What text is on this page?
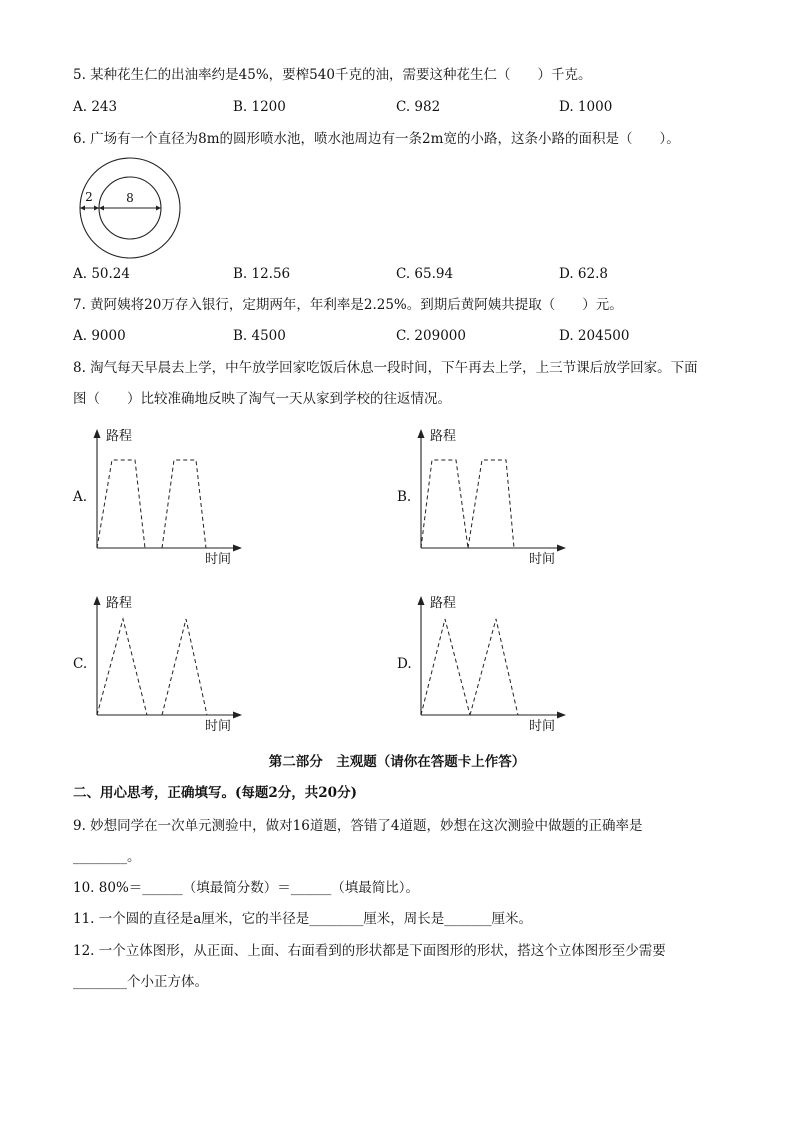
5. 某种花生仁的出油率约是45%，要榨540千克的油，需要这种花生仁（　　）千克。
A. 243	B. 1200	C. 982	D. 1000
6. 广场有一个直径为8m的圆形喷水池，喷水池周边有一条2m宽的小路，这条小路的面积是（　　）。
2	8
A. 50.24	B. 12.56	C. 65.94	D. 62.8
7. 黄阿姨将20万存入银行，定期两年，年利率是2.25%。到期后黄阿姨共提取（　　）元。
A. 9000	B. 4500	C. 209000	D. 204500
8. 淘气每天早晨去上学，中午放学回家吃饭后休息一段时间，下午再去上学，上三节课后放学回家。下面
图（　　）比较准确地反映了淘气一天从家到学校的往返情况。
A.
路程
时间
B.
路程
时间
C.
路程
时间
D.
路程
时间
第二部分　主观题（请你在答题卡上作答）
二、用心思考，正确填写。(每题2分，共20分)
9. 妙想同学在一次单元测验中，做对16道题，答错了4道题，妙想在这次测验中做题的正确率是
________。
10. 80%＝______（填最简分数）＝______（填最简比）。
11. 一个圆的直径是a厘米，它的半径是________厘米，周长是_______厘米。
12. 一个立体图形，从正面、上面、右面看到的形状都是下面图形的形状，搭这个立体图形至少需要
________个小正方体。
